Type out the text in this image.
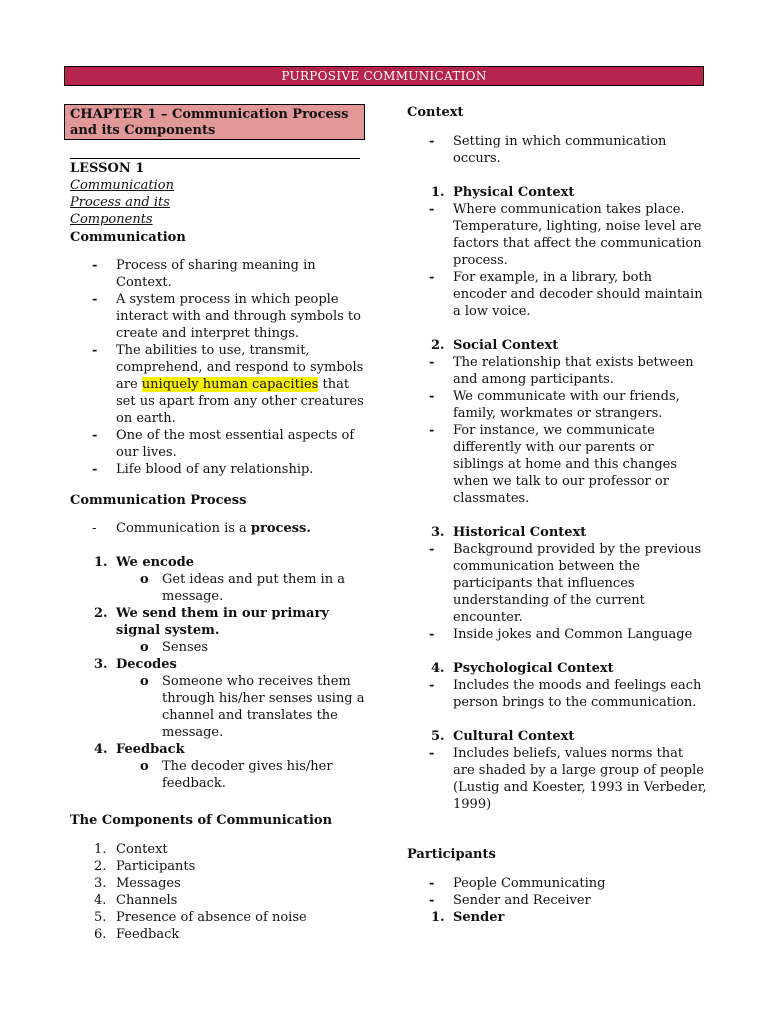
PURPOSIVE COMMUNICATION
CHAPTER 1 – Communication Process and its Components
LESSON 1
Communication Process and its Components
Communication
- Process of sharing meaning in Context.
- A system process in which people interact with and through symbols to create and interpret things.
- The abilities to use, transmit, comprehend, and respond to symbols are uniquely human capacities that set us apart from any other creatures on earth.
- One of the most essential aspects of our lives.
- Life blood of any relationship.
Communication Process
- Communication is a process.
1. We encode
o Get ideas and put them in a message.
2. We send them in our primary signal system.
o Senses
3. Decodes
o Someone who receives them through his/her senses using a channel and translates the message.
4. Feedback
o The decoder gives his/her feedback.
The Components of Communication
1. Context
2. Participants
3. Messages
4. Channels
5. Presence of absence of noise
6. Feedback
Context
- Setting in which communication occurs.
1. Physical Context
- Where communication takes place. Temperature, lighting, noise level are factors that affect the communication process.
- For example, in a library, both encoder and decoder should maintain a low voice.
2. Social Context
- The relationship that exists between and among participants.
- We communicate with our friends, family, workmates or strangers.
- For instance, we communicate differently with our parents or siblings at home and this changes when we talk to our professor or classmates.
3. Historical Context
- Background provided by the previous communication between the participants that influences understanding of the current encounter.
- Inside jokes and Common Language
4. Psychological Context
- Includes the moods and feelings each person brings to the communication.
5. Cultural Context
- Includes beliefs, values norms that are shaded by a large group of people (Lustig and Koester, 1993 in Verbeder, 1999)
Participants
- People Communicating
- Sender and Receiver
1. Sender
